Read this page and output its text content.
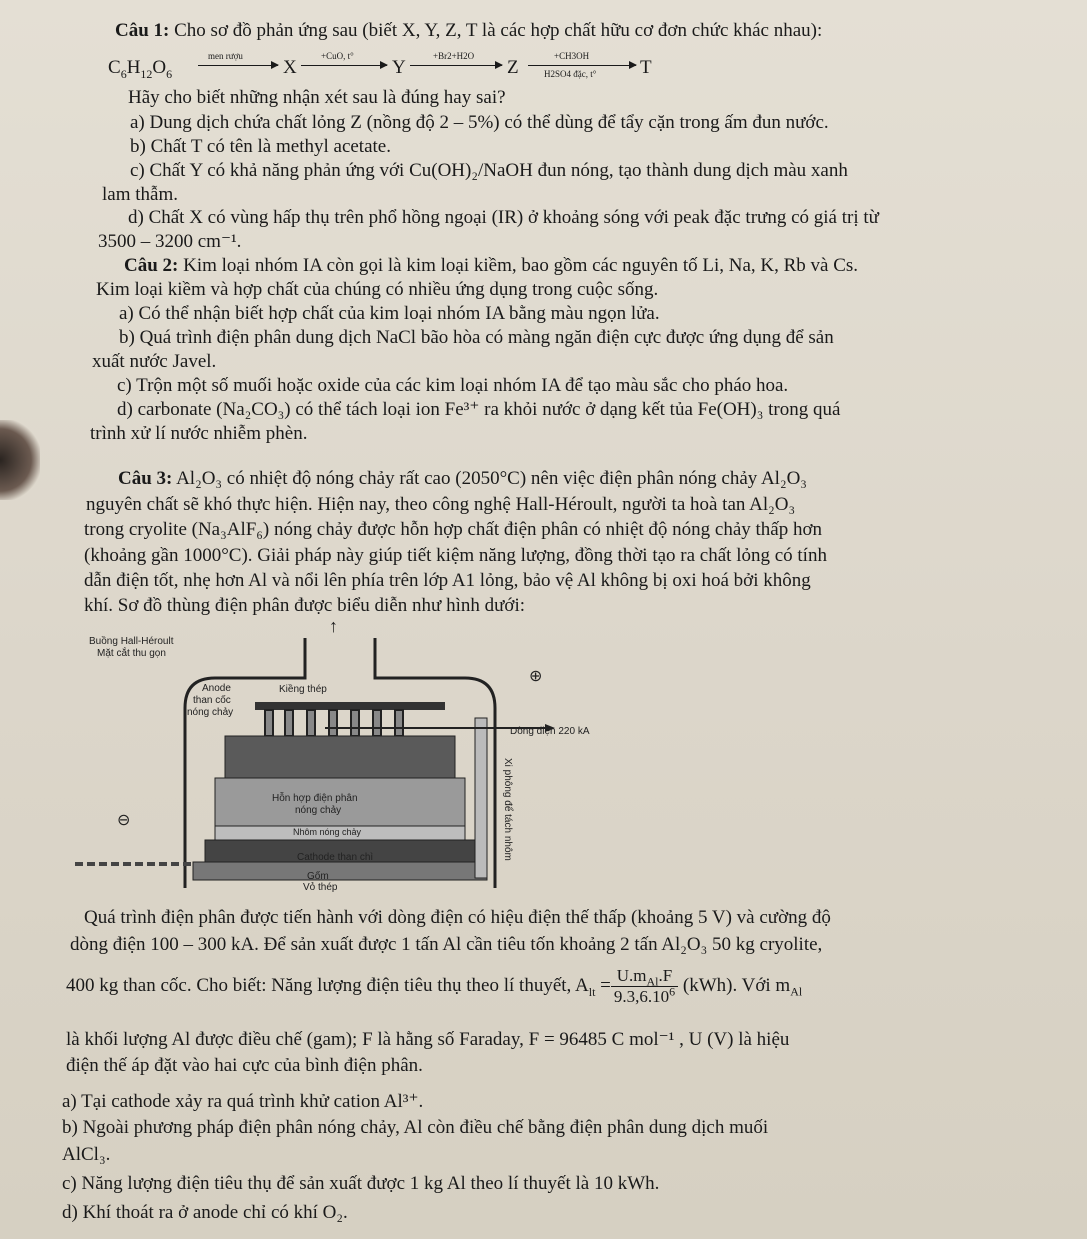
Câu 1: Cho sơ đồ phản ứng sau (biết X, Y, Z, T là các hợp chất hữu cơ đơn chức khác nhau):
$C_6H_{12}O_6$
men rượu
X
+CuO, t°
Y
+Br2+H2O
Z
+CH3OH
H2SO4 đặc, t° T
Hãy cho biết những nhận xét sau là đúng hay sai?
a) Dung dịch chứa chất lỏng Z (nồng độ 2 – 5%) có thể dùng để tẩy cặn trong ấm đun nước.
b) Chất T có tên là methyl acetate.
c) Chất Y có khả năng phản ứng với Cu(OH)₂/NaOH đun nóng, tạo thành dung dịch màu xanh
lam thẫm.
d) Chất X có vùng hấp thụ trên phổ hồng ngoại (IR) ở khoảng sóng với peak đặc trưng có giá trị từ
3500 – 3200 cm⁻¹.
Câu 2: Kim loại nhóm IA còn gọi là kim loại kiềm, bao gồm các nguyên tố Li, Na, K, Rb và Cs.
Kim loại kiềm và hợp chất của chúng có nhiều ứng dụng trong cuộc sống.
a) Có thể nhận biết hợp chất của kim loại nhóm IA bằng màu ngọn lửa.
b) Quá trình điện phân dung dịch NaCl bão hòa có màng ngăn điện cực được ứng dụng để sản
xuất nước Javel.
c) Trộn một số muối hoặc oxide của các kim loại nhóm IA để tạo màu sắc cho pháo hoa.
d) carbonate (Na₂CO₃) có thể tách loại ion Fe³⁺ ra khỏi nước ở dạng kết tủa Fe(OH)₃ trong quá
trình xử lí nước nhiễm phèn.
Câu 3: Al₂O₃ có nhiệt độ nóng chảy rất cao (2050°C) nên việc điện phân nóng chảy Al₂O₃
nguyên chất sẽ khó thực hiện. Hiện nay, theo công nghệ Hall-Héroult, người ta hoà tan Al₂O₃
trong cryolite (Na₃AlF₆) nóng chảy được hỗn hợp chất điện phân có nhiệt độ nóng chảy thấp hơn
(khoảng gần 1000°C). Giải pháp này giúp tiết kiệm năng lượng, đồng thời tạo ra chất lỏng có tính
dẫn điện tốt, nhẹ hơn Al và nổi lên phía trên lớp A1 lỏng, bảo vệ Al không bị oxi hoá bởi không
khí. Sơ đồ thùng điện phân được biểu diễn như hình dưới:
Buồng Hall-Héroult
Mặt cắt thu gọn
↑
Anode
than cốc
nóng chảy
Kiềng thép
⊕
⊖
Dòng điện 220 kA
Hỗn hợp điện phân
nóng chảy
Nhôm nóng chảy
Cathode than chì
Gốm
Vỏ thép
Xi phông để tách nhôm
Quá trình điện phân được tiến hành với dòng điện có hiệu điện thế thấp (khoảng 5 V) và cường độ
dòng điện 100 – 300 kA. Để sản xuất được 1 tấn Al cần tiêu tốn khoảng 2 tấn Al₂O₃ 50 kg cryolite,
400 kg than cốc. Cho biết: Năng lượng điện tiêu thụ theo lí thuyết, $A_{lt} = \frac{U.m_{Al}.F}{9.3,6.10^6} (kWh)$. Với $m_{Al}$
là khối lượng Al được điều chế (gam); F là hằng số Faraday, F = 96485 C mol⁻¹ , U (V) là hiệu
điện thế áp đặt vào hai cực của bình điện phân.
a) Tại cathode xảy ra quá trình khử cation Al³⁺.
b) Ngoài phương pháp điện phân nóng chảy, Al còn điều chế bằng điện phân dung dịch muối
AlCl₃.
c) Năng lượng điện tiêu thụ để sản xuất được 1 kg Al theo lí thuyết là 10 kWh.
d) Khí thoát ra ở anode chỉ có khí O₂.
